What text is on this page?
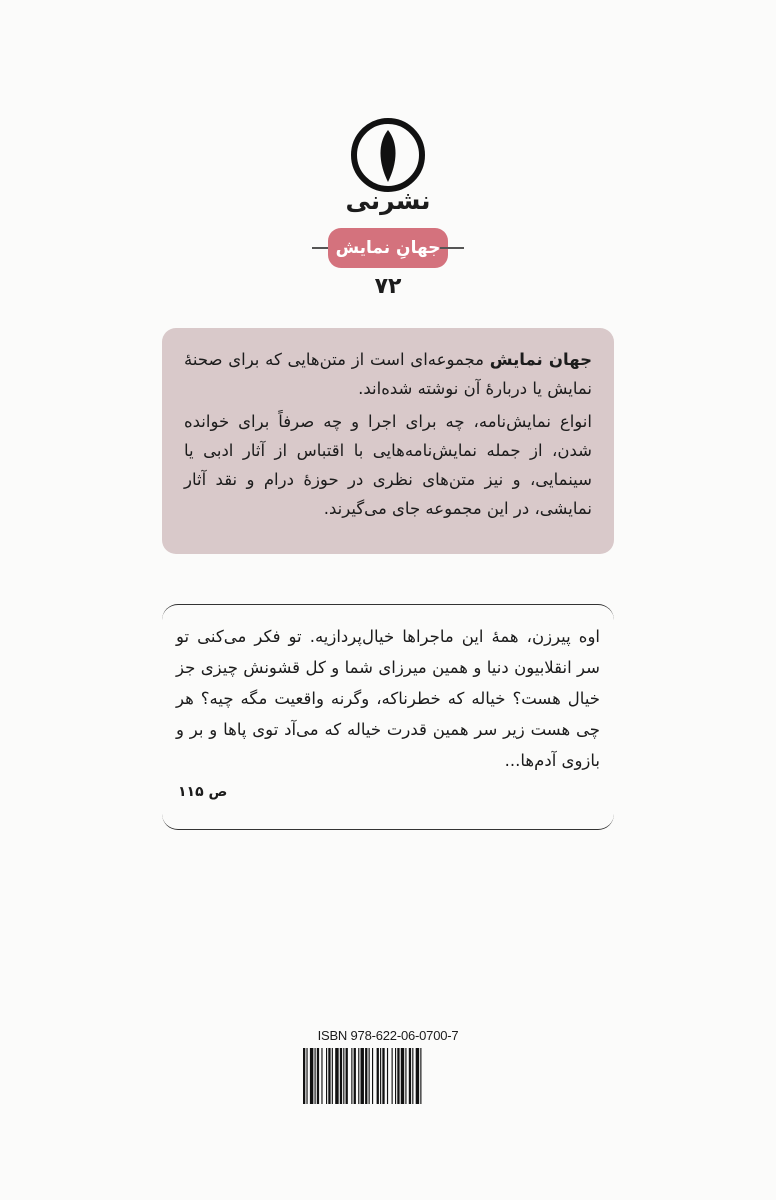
نشرنی
جهانِ نمایش
۷۲

جهان نمایش مجموعه‌ای است از متن‌هایی که برای صحنهٔ نمایش یا دربارهٔ آن نوشته شده‌اند.

انواع نمایش‌نامه، چه برای اجرا و چه صرفاً برای خوانده شدن، از جمله نمایش‌نامه‌هایی با اقتباس از آثار ادبی یا سینمایی، و نیز متن‌های نظری در حوزهٔ درام و نقد آثار نمایشی، در این مجموعه جای می‌گیرند.

اوه پیرزن، همهٔ این ماجراها خیال‌پردازیه. تو فکر می‌کنی تو سر انقلابیون دنیا و همین میرزای شما و کل قشونش چیزی جز خیال هست؟ خیاله که خطرناکه، وگرنه واقعیت مگه چیه؟ هر چی هست زیر سر همین قدرت خیاله که می‌آد توی پاها و بر و بازوی آدم‌ها...

ص ۱۱۵
ISBN 978-622-06-0700-7
